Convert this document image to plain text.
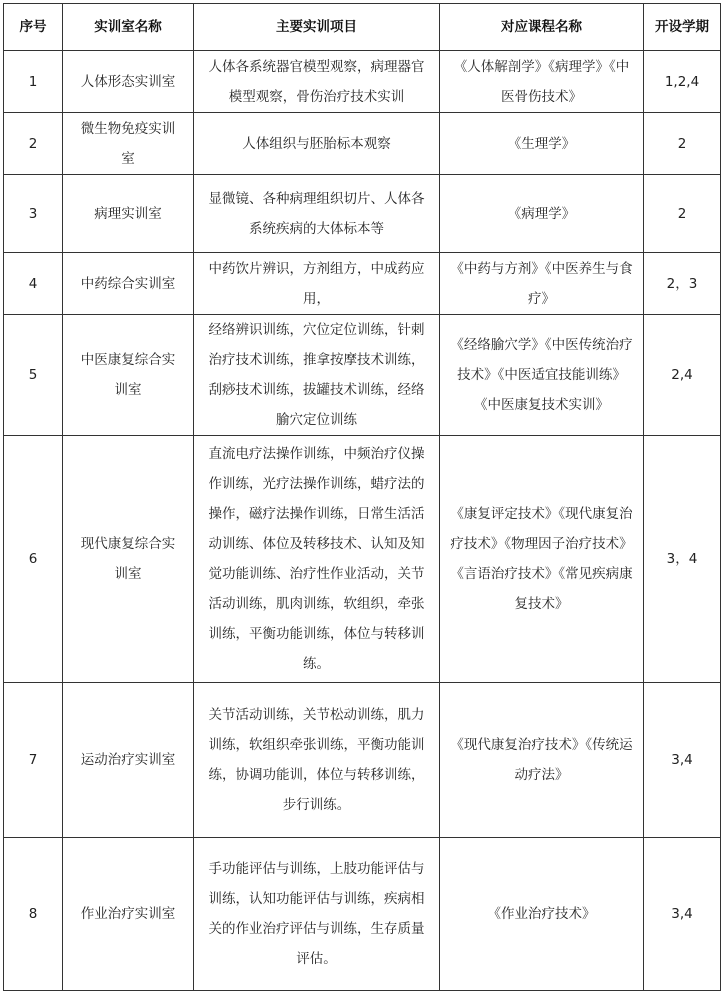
序号	实训室名称	主要实训项目	对应课程名称	开设学期
1	人体形态实训室	人体各系统器官模型观察，病理器官模型观察，骨伤治疗技术实训	《人体解剖学》《病理学》《中医骨伤技术》	1,2,4
2	微生物免疫实训室	人体组织与胚胎标本观察	《生理学》	2
3	病理实训室	显微镜、各种病理组织切片、人体各系统疾病的大体标本等	《病理学》	2
4	中药综合实训室	中药饮片辨识，方剂组方，中成药应用，	《中药与方剂》《中医养生与食疗》	2，3
5	中医康复综合实训室	经络辨识训练，穴位定位训练，针刺治疗技术训练，推拿按摩技术训练，刮痧技术训练，拔罐技术训练，经络腧穴定位训练	《经络腧穴学》《中医传统治疗技术》《中医适宜技能训练》《中医康复技术实训》	2,4
6	现代康复综合实训室	直流电疗法操作训练，中频治疗仪操作训练，光疗法操作训练，蜡疗法的操作，磁疗法操作训练，日常生活活动训练、体位及转移技术、认知及知觉功能训练、治疗性作业活动，关节活动训练，肌肉训练，软组织，牵张训练，平衡功能训练，体位与转移训练。	《康复评定技术》《现代康复治疗技术》《物理因子治疗技术》《言语治疗技术》《常见疾病康复技术》	3，4
7	运动治疗实训室	关节活动训练，关节松动训练，肌力训练，软组织牵张训练，平衡功能训练，协调功能训，体位与转移训练，步行训练。	《现代康复治疗技术》《传统运动疗法》	3,4
8	作业治疗实训室	手功能评估与训练，上肢功能评估与训练，认知功能评估与训练，疾病相关的作业治疗评估与训练，生存质量评估。	《作业治疗技术》	3,4
